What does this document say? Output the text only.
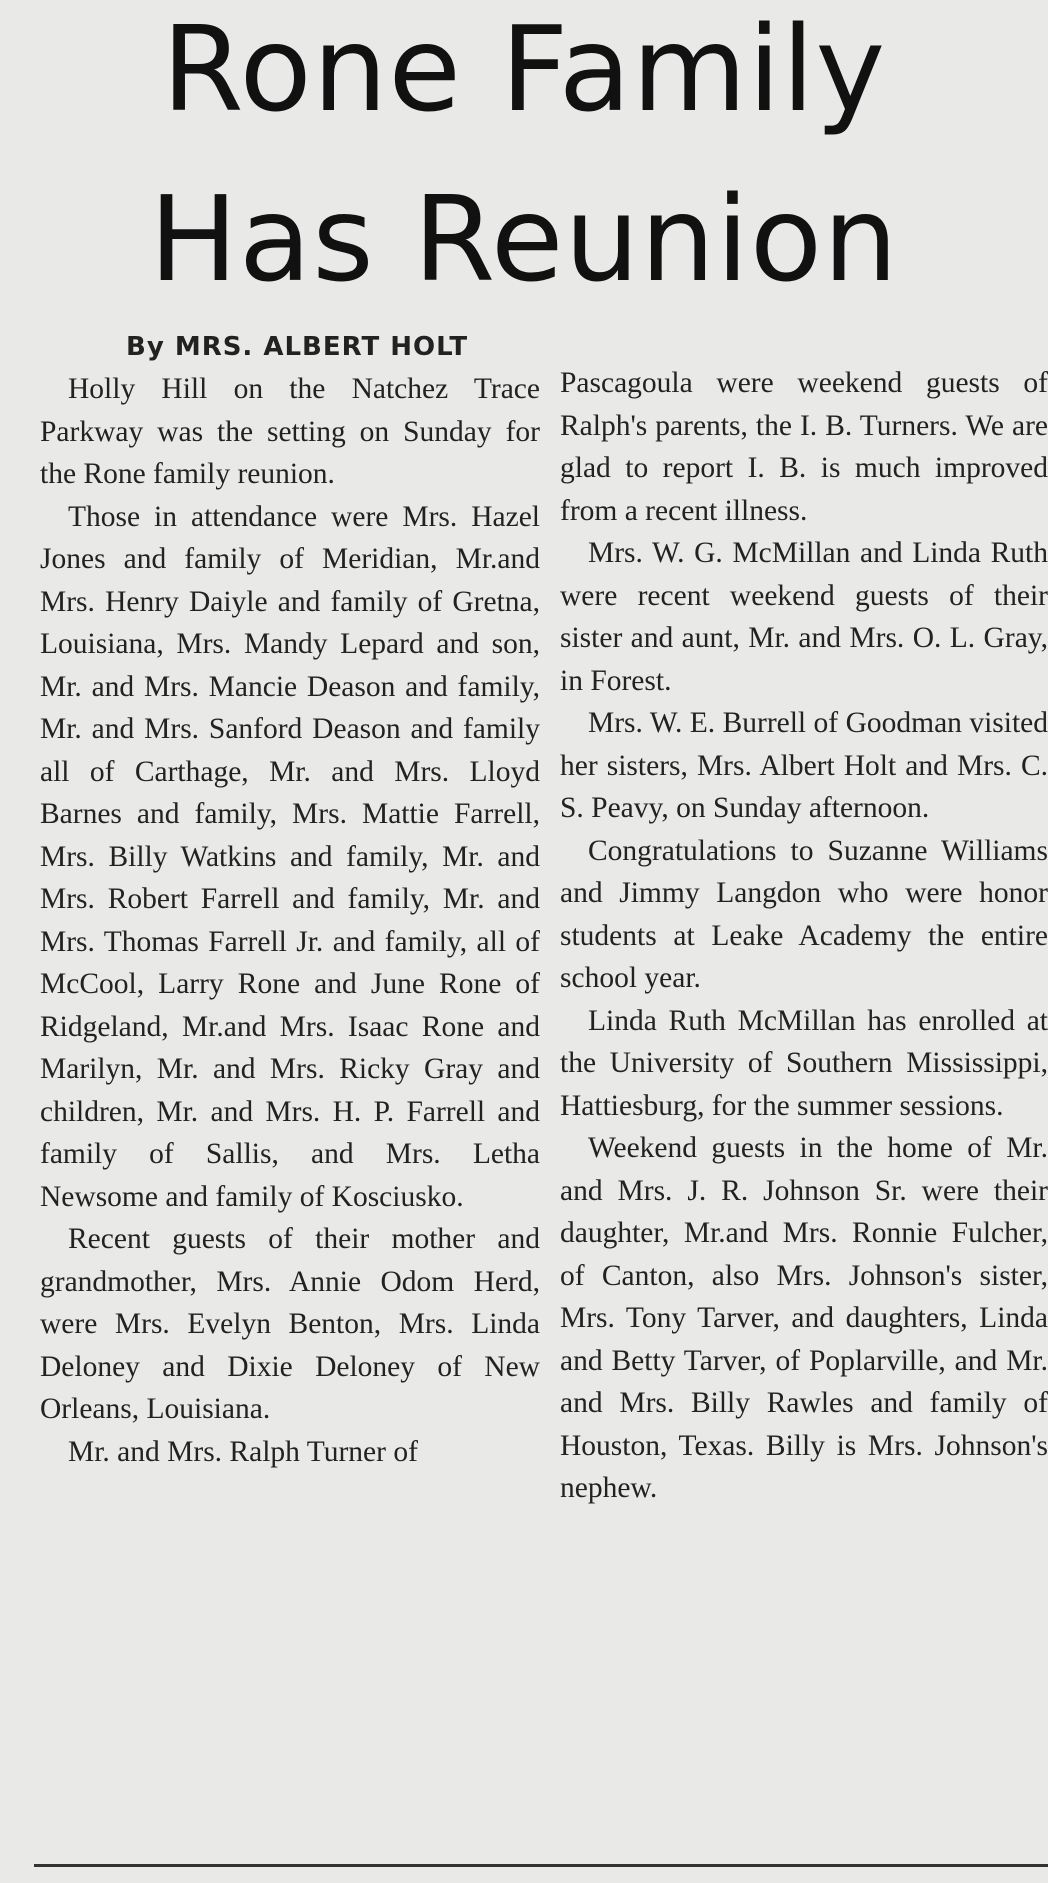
Rone Family
Has Reunion
By MRS. ALBERT HOLT

Holly Hill on the Natchez Trace Parkway was the setting on Sunday for the Rone family reunion.

Those in attendance were Mrs. Hazel Jones and family of Meridian, Mr.and Mrs. Henry Daiyle and family of Gretna, Louisiana, Mrs. Mandy Lepard and son, Mr. and Mrs. Mancie Deason and family, Mr. and Mrs. Sanford Deason and family all of Carthage, Mr. and Mrs. Lloyd Barnes and family, Mrs. Mattie Farrell, Mrs. Billy Watkins and family, Mr. and Mrs. Robert Farrell and family, Mr. and Mrs. Thomas Farrell Jr. and family, all of McCool, Larry Rone and June Rone of Ridgeland, Mr.and Mrs. Isaac Rone and Marilyn, Mr. and Mrs. Ricky Gray and children, Mr. and Mrs. H. P. Farrell and family of Sallis, and Mrs. Letha Newsome and family of Kosciusko.

Recent guests of their mother and grandmother, Mrs. Annie Odom Herd, were Mrs. Evelyn Benton, Mrs. Linda Deloney and Dixie Deloney of New Orleans, Louisiana.

Mr. and Mrs. Ralph Turner of

Pascagoula were weekend guests of Ralph's parents, the I. B. Turners. We are glad to report I. B. is much improved from a recent illness.

Mrs. W. G. McMillan and Linda Ruth were recent weekend guests of their sister and aunt, Mr. and Mrs. O. L. Gray, in Forest.

Mrs. W. E. Burrell of Goodman visited her sisters, Mrs. Albert Holt and Mrs. C. S. Peavy, on Sunday afternoon.

Congratulations to Suzanne Williams and Jimmy Langdon who were honor students at Leake Academy the entire school year.

Linda Ruth McMillan has enrolled at the University of Southern Mississippi, Hattiesburg, for the summer sessions.

Weekend guests in the home of Mr. and Mrs. J. R. Johnson Sr. were their daughter, Mr.and Mrs. Ronnie Fulcher, of Canton, also Mrs. Johnson's sister, Mrs. Tony Tarver, and daughters, Linda and Betty Tarver, of Poplarville, and Mr. and Mrs. Billy Rawles and family of Houston, Texas. Billy is Mrs. Johnson's nephew.
